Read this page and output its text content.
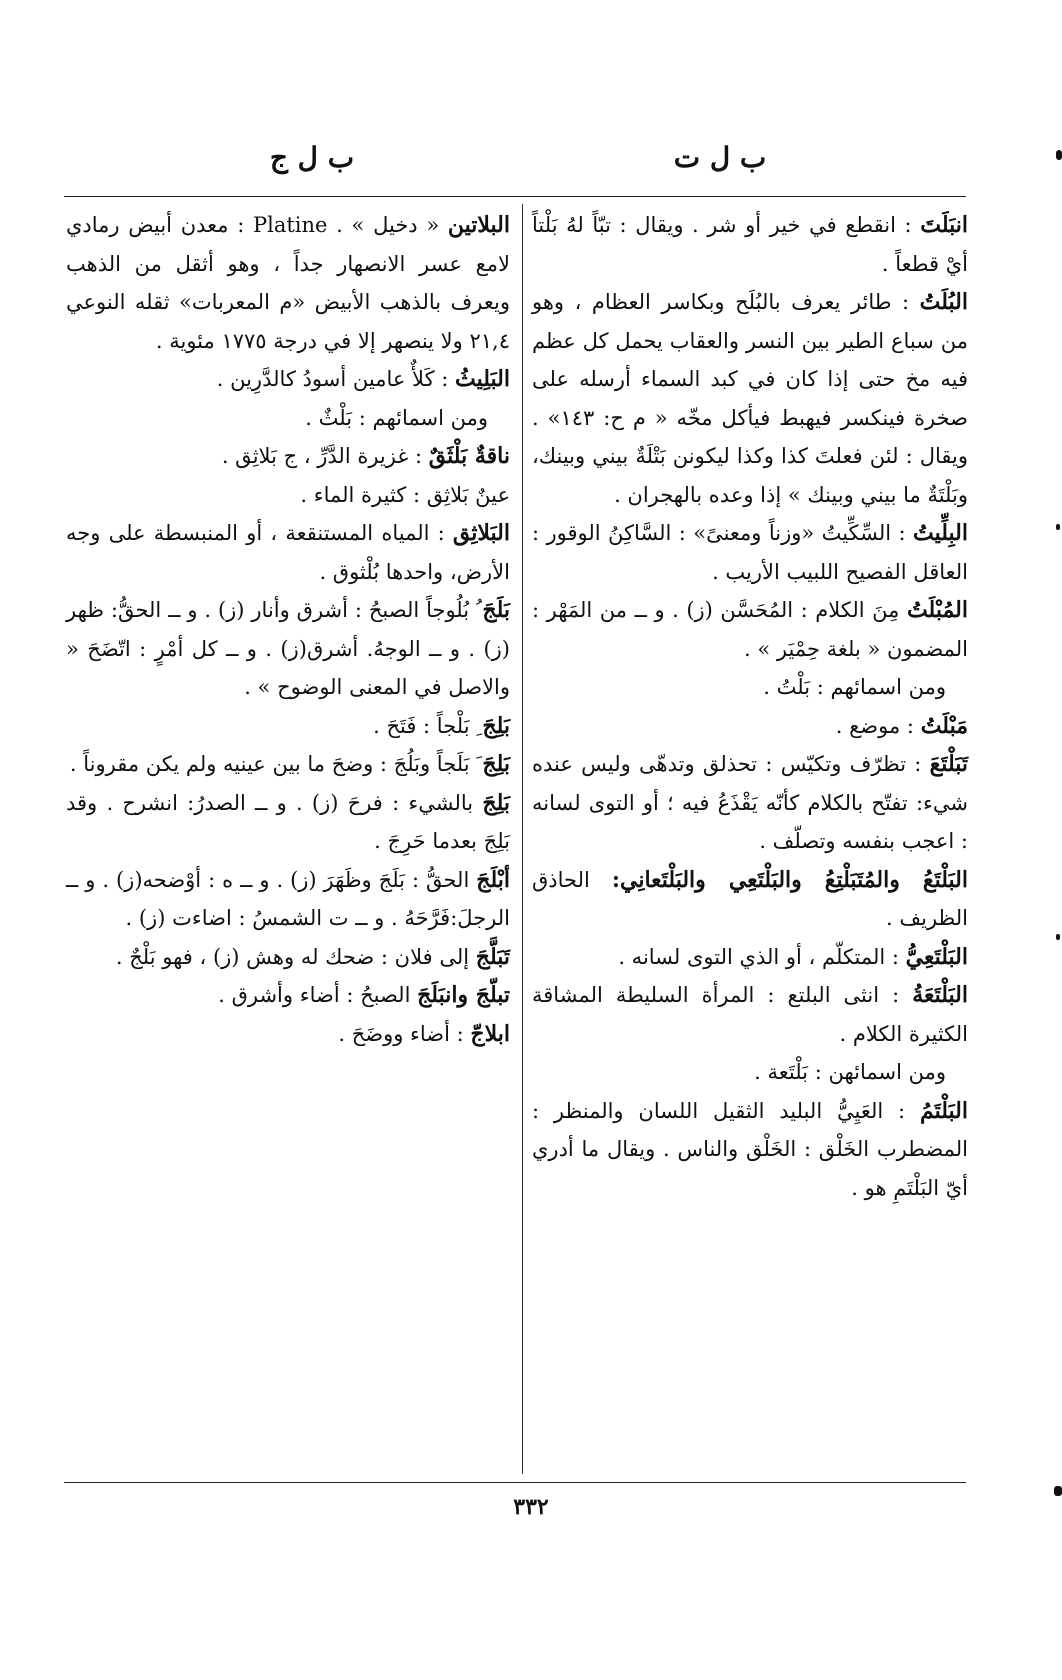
ب ل ت
ب ل ج

انبَلَتَ : انقطع في خير أو شر . ويقال : تبّاً لهُ بَلْتاً أيْ قطعاً .

البُلَتُ : طائر يعرف بالبُلَح وبكاسر العظام ، وهو من سباع الطير بين النسر والعقاب يحمل كل عظم فيه مخ حتى إذا كان في كبد السماء أرسله على صخرة فينكسر فيهبط فيأكل مخّه « م ح: ١٤٣» . ويقال : لئن فعلتَ كذا وكذا ليكونن بَتْلَةٌ بيني وبينك، وبَلْتَةٌ ما بيني وبينك » إذا وعده بالهجران .

البِلِّيتُ : السِّكِّيتُ «وزناً ومعنىً» : السَّاكِنُ الوقور : العاقل الفصيح اللبيب الأريب .

المُبْلَتُ مِنَ الكلام : المُحَسَّن (ز) . و ــ من المَهْر : المضمون « بلغة حِمْيَر » .

ومن اسمائهم : بَلْتُ .

مَبْلَتُ : موضع .

تَبَلْتَعَ : تظرّف وتكيّس : تحذلق وتدهّى وليس عنده شيء: تفتّح بالكلام كأنّه يَقْذَعُ فيه ؛ أو التوى لسانه : اعجب بنفسه وتصلّف .

البَلْتَعُ والمُتَبَلْتِعُ والبَلْتَعِي والبَلْتَعانِي: الحاذق الظريف .

البَلْتَعِيُّ : المتكلّم ، أو الذي التوى لسانه .

البَلْتَعَةُ : انثى البلتع : المرأة السليطة المشاقة الكثيرة الكلام .

ومن اسمائهن : بَلْتَعة .

البَلْتَمُ : العَيِيُّ البليد الثقيل اللسان والمنظر : المضطرب الخَلْق : الخَلْق والناس . ويقال ما أدري أيّ البَلْتَمِ هو .

البلاتين « دخيل » . Platine : معدن أبيض رمادي لامع عسر الانصهار جداً ، وهو أثقل من الذهب ويعرف بالذهب الأبيض «م المعربات» ثقله النوعي ٢١,٤ ولا ينصهر إلا في درجة ١٧٧٥ مئوية .

البَلِيثُ : كَلأٌ عامين أسودُ كالدَّرِين .

ومن اسمائهم : بَلْثٌ .

ناقةٌ بَلْثَقٌ : غزيرة الدَّرِّ ، ج بَلاثِق .

عينٌ بَلاثِق : كثيرة الماء .

البَلاثِق : المياه المستنقعة ، أو المنبسطة على وجه الأرض، واحدها بُلْثوق .

بَلَجَ ُ بُلُوجاً الصبحُ : أشرق وأنار (ز) . و ــ الحقُّ: ظهر (ز) . و ــ الوجهُ. أشرق(ز) . و ــ كل أمْرٍ : اتّضَحَ « والاصل في المعنى الوضوح » .

بَلِجَ ِ بَلْجاً : فَتَحَ .

بَلِجَ َ بَلَجاً وبَلُجَ : وضحَ ما بين عينيه ولم يكن مقروناً .

بَلِجَ بالشيء : فرحَ (ز) . و ــ الصدرُ: انشرح . وقد بَلِجَ بعدما حَرِجَ .

أبْلَجَ الحقُّ : بَلَجَ وظَهَرَ (ز) . و ــ ه : أوْضحه(ز) . و ــ الرجلَ:فَرَّحَهُ . و ــ ت الشمسُ : اضاءت (ز) .

تَبَلَّجَ إلى فلان : ضحك له وهش (ز) ، فهو بَلْجٌ .

تبلّجَ وانبَلَجَ الصبحُ : أضاء وأشرق .

ابلاجّ : أضاء ووضَحَ .

٣٣٢
